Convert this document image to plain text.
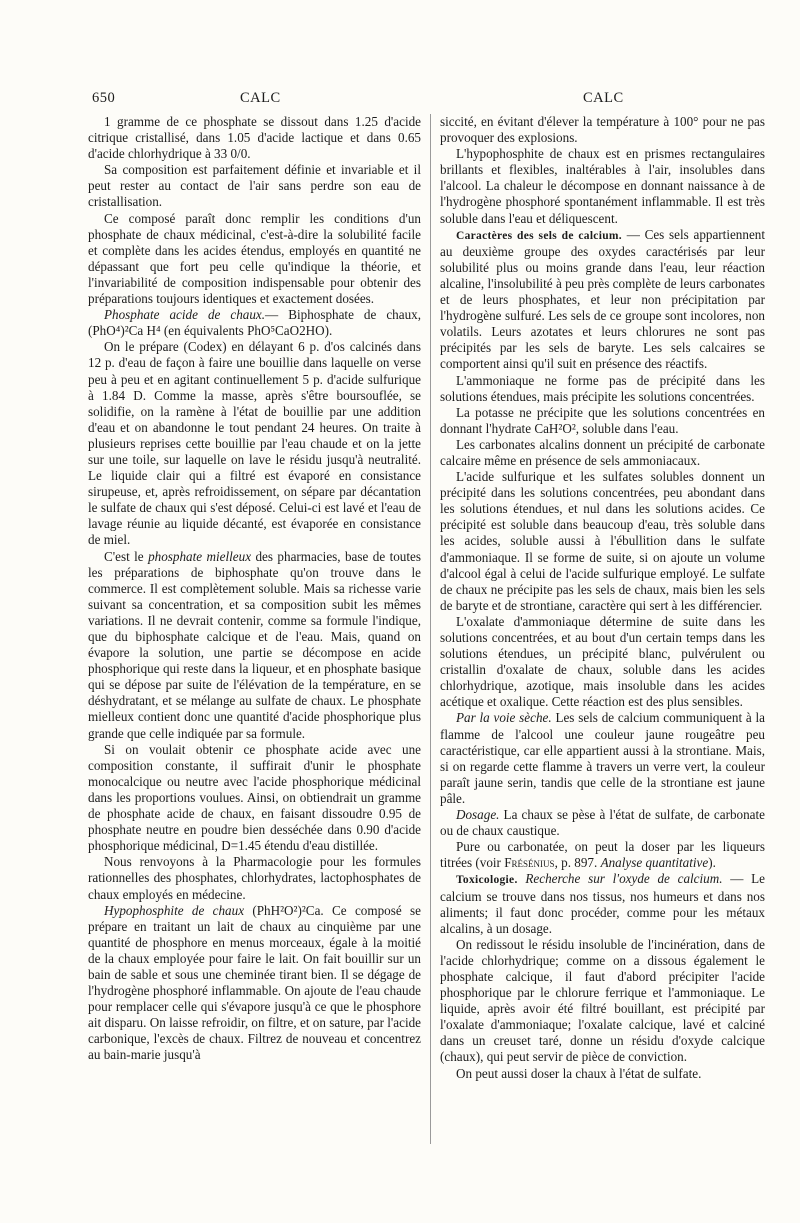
650	CALC	CALC

1 gramme de ce phosphate se dissout dans 1.25 d'acide citrique cristallisé, dans 1.05 d'acide lactique et dans 0.65 d'acide chlorhydrique à 33 0/0.

Sa composition est parfaitement définie et invariable et il peut rester au contact de l'air sans perdre son eau de cristallisation.

Ce composé paraît donc remplir les conditions d'un phosphate de chaux médicinal, c'est-à-dire la solubilité facile et complète dans les acides étendus, employés en quantité ne dépassant que fort peu celle qu'indique la théorie, et l'invariabilité de composition indispensable pour obtenir des préparations toujours identiques et exactement dosées.

Phosphate acide de chaux.— Biphosphate de chaux, (PhO⁴)²Ca H⁴ (en équivalents PhO⁵CaO2HO).

On le prépare (Codex) en délayant 6 p. d'os calcinés dans 12 p. d'eau de façon à faire une bouillie dans laquelle on verse peu à peu et en agitant continuellement 5 p. d'acide sulfurique à 1.84 D. Comme la masse, après s'être boursouflée, se solidifie, on la ramène à l'état de bouillie par une addition d'eau et on abandonne le tout pendant 24 heures. On traite à plusieurs reprises cette bouillie par l'eau chaude et on la jette sur une toile, sur laquelle on lave le résidu jusqu'à neutralité. Le liquide clair qui a filtré est évaporé en consistance sirupeuse, et, après refroidissement, on sépare par décantation le sulfate de chaux qui s'est déposé. Celui-ci est lavé et l'eau de lavage réunie au liquide décanté, est évaporée en consistance de miel.

C'est le phosphate mielleux des pharmacies, base de toutes les préparations de biphosphate qu'on trouve dans le commerce. Il est complètement soluble. Mais sa richesse varie suivant sa concentration, et sa composition subit les mêmes variations. Il ne devrait contenir, comme sa formule l'indique, que du biphosphate calcique et de l'eau. Mais, quand on évapore la solution, une partie se décompose en acide phosphorique qui reste dans la liqueur, et en phosphate basique qui se dépose par suite de l'élévation de la température, en se déshydratant, et se mélange au sulfate de chaux. Le phosphate mielleux contient donc une quantité d'acide phosphorique plus grande que celle indiquée par sa formule.

Si on voulait obtenir ce phosphate acide avec une composition constante, il suffirait d'unir le phosphate monocalcique ou neutre avec l'acide phosphorique médicinal dans les proportions voulues. Ainsi, on obtiendrait un gramme de phosphate acide de chaux, en faisant dissoudre 0.95 de phosphate neutre en poudre bien desséchée dans 0.90 d'acide phosphorique médicinal, D=1.45 étendu d'eau distillée.

Nous renvoyons à la Pharmacologie pour les formules rationnelles des phosphates, chlorhydrates, lactophosphates de chaux employés en médecine.

Hypophosphite de chaux (PhH²O²)²Ca. Ce composé se prépare en traitant un lait de chaux au cinquième par une quantité de phosphore en menus morceaux, égale à la moitié de la chaux employée pour faire le lait. On fait bouillir sur un bain de sable et sous une cheminée tirant bien. Il se dégage de l'hydrogène phosphoré inflammable. On ajoute de l'eau chaude pour remplacer celle qui s'évapore jusqu'à ce que le phosphore ait disparu. On laisse refroidir, on filtre, et on sature, par l'acide carbonique, l'excès de chaux. Filtrez de nouveau et concentrez au bain-marie jusqu'à

siccité, en évitant d'élever la température à 100° pour ne pas provoquer des explosions.

L'hypophosphite de chaux est en prismes rectangulaires brillants et flexibles, inaltérables à l'air, insolubles dans l'alcool. La chaleur le décompose en donnant naissance à de l'hydrogène phosphoré spontanément inflammable. Il est très soluble dans l'eau et déliquescent.

Caractères des sels de calcium. — Ces sels appartiennent au deuxième groupe des oxydes caractérisés par leur solubilité plus ou moins grande dans l'eau, leur réaction alcaline, l'insolubilité à peu près complète de leurs carbonates et de leurs phosphates, et leur non précipitation par l'hydrogène sulfuré. Les sels de ce groupe sont incolores, non volatils. Leurs azotates et leurs chlorures ne sont pas précipités par les sels de baryte. Les sels calcaires se comportent ainsi qu'il suit en présence des réactifs.

L'ammoniaque ne forme pas de précipité dans les solutions étendues, mais précipite les solutions concentrées.

La potasse ne précipite que les solutions concentrées en donnant l'hydrate CaH²O², soluble dans l'eau.

Les carbonates alcalins donnent un précipité de carbonate calcaire même en présence de sels ammoniacaux.

L'acide sulfurique et les sulfates solubles donnent un précipité dans les solutions concentrées, peu abondant dans les solutions étendues, et nul dans les solutions acides. Ce précipité est soluble dans beaucoup d'eau, très soluble dans les acides, soluble aussi à l'ébullition dans le sulfate d'ammoniaque. Il se forme de suite, si on ajoute un volume d'alcool égal à celui de l'acide sulfurique employé. Le sulfate de chaux ne précipite pas les sels de chaux, mais bien les sels de baryte et de strontiane, caractère qui sert à les différencier.

L'oxalate d'ammoniaque détermine de suite dans les solutions concentrées, et au bout d'un certain temps dans les solutions étendues, un précipité blanc, pulvérulent ou cristallin d'oxalate de chaux, soluble dans les acides chlorhydrique, azotique, mais insoluble dans les acides acétique et oxalique. Cette réaction est des plus sensibles.

Par la voie sèche. Les sels de calcium communiquent à la flamme de l'alcool une couleur jaune rougeâtre peu caractéristique, car elle appartient aussi à la strontiane. Mais, si on regarde cette flamme à travers un verre vert, la couleur paraît jaune serin, tandis que celle de la strontiane est jaune pâle.

Dosage. La chaux se pèse à l'état de sulfate, de carbonate ou de chaux caustique.

Pure ou carbonatée, on peut la doser par les liqueurs titrées (voir Frésénius, p. 897. Analyse quantitative).

Toxicologie. Recherche sur l'oxyde de calcium. — Le calcium se trouve dans nos tissus, nos humeurs et dans nos aliments; il faut donc procéder, comme pour les métaux alcalins, à un dosage.

On redissout le résidu insoluble de l'incinération, dans de l'acide chlorhydrique; comme on a dissous également le phosphate calcique, il faut d'abord précipiter l'acide phosphorique par le chlorure ferrique et l'ammoniaque. Le liquide, après avoir été filtré bouillant, est précipité par l'oxalate d'ammoniaque; l'oxalate calcique, lavé et calciné dans un creuset taré, donne un résidu d'oxyde calcique (chaux), qui peut servir de pièce de conviction.

On peut aussi doser la chaux à l'état de sulfate.
